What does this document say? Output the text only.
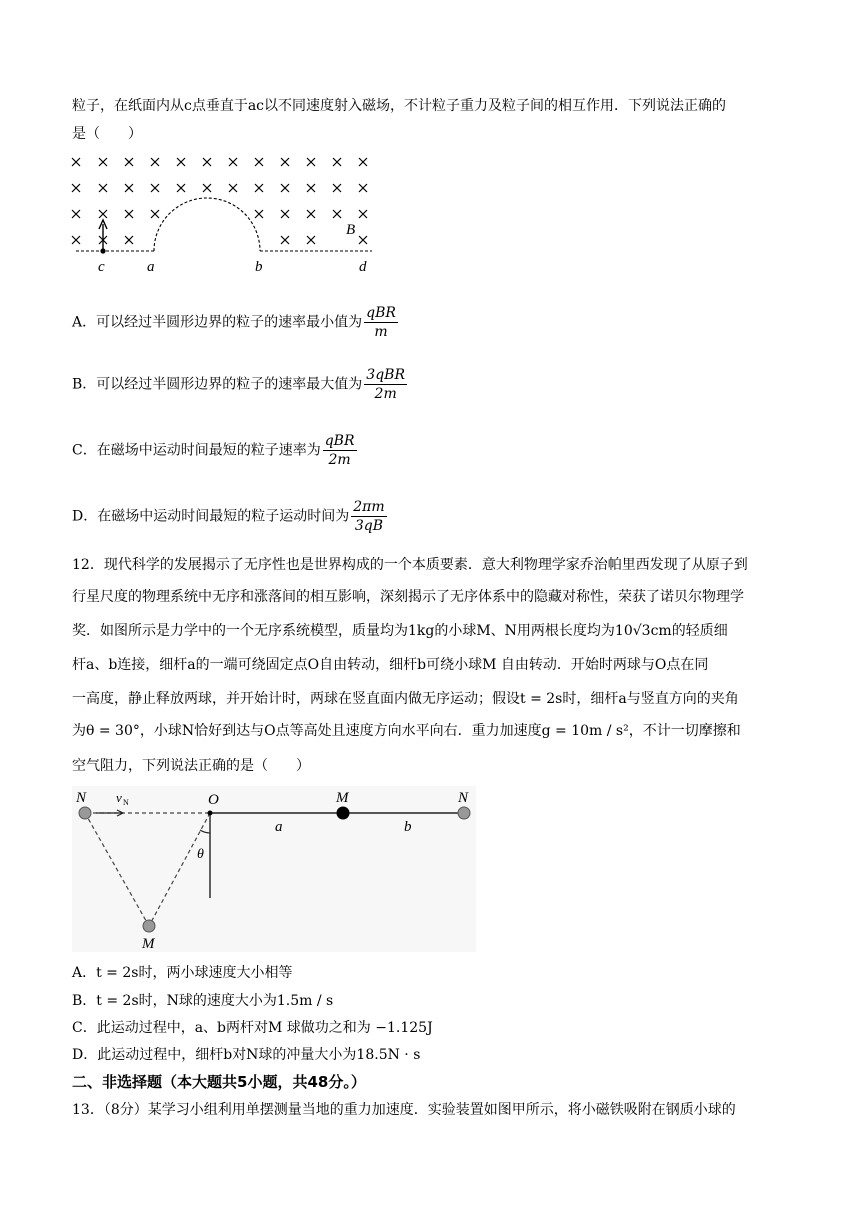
粒子，在纸面内从c点垂直于ac以不同速度射入磁场，不计粒子重力及粒子间的相互作用．下列说法正确的
是（　　）
c	a	b	d
B
A．可以经过半圆形边界的粒子的速率最小值为 $\frac{\text{qBR}}{m}$
B．可以经过半圆形边界的粒子的速率最大值为 $\frac{\text{3qBR}}{2m}$
C．在磁场中运动时间最短的粒子速率为 $\frac{\text{qBR}}{2m}$
D．在磁场中运动时间最短的粒子运动时间为 $\frac{2\pi m}{3qB}$
12．现代科学的发展揭示了无序性也是世界构成的一个本质要素．意大利物理学家乔治帕里西发现了从原子到
行星尺度的物理系统中无序和涨落间的相互影响，深刻揭示了无序体系中的隐藏对称性，荣获了诺贝尔物理学
奖．如图所示是力学中的一个无序系统模型，质量均为1kg的小球M、N用两根长度均为10√3cm的轻质细
杆a、b连接，细杆a的一端可绕固定点O自由转动，细杆b可绕小球M 自由转动．开始时两球与O点在同
一高度，静止释放两球，并开始计时，两球在竖直面内做无序运动；假设t = 2s时，细杆a与竖直方向的夹角
为θ = 30°，小球N恰好到达与O点等高处且速度方向水平向右．重力加速度g = 10m / s²，不计一切摩擦和
空气阻力，下列说法正确的是（　　）
N v N	O	M	N
a	b
θ
M
A．t = 2s时，两小球速度大小相等
B．t = 2s时，N球的速度大小为1.5m / s
C．此运动过程中，a、b两杆对M 球做功之和为 −1.125J
D．此运动过程中，细杆b对N球的冲量大小为18.5N · s
二、非选择题（本大题共5小题，共48分。）
13．（8分）某学习小组利用单摆测量当地的重力加速度．实验装置如图甲所示，将小磁铁吸附在钢质小球的
